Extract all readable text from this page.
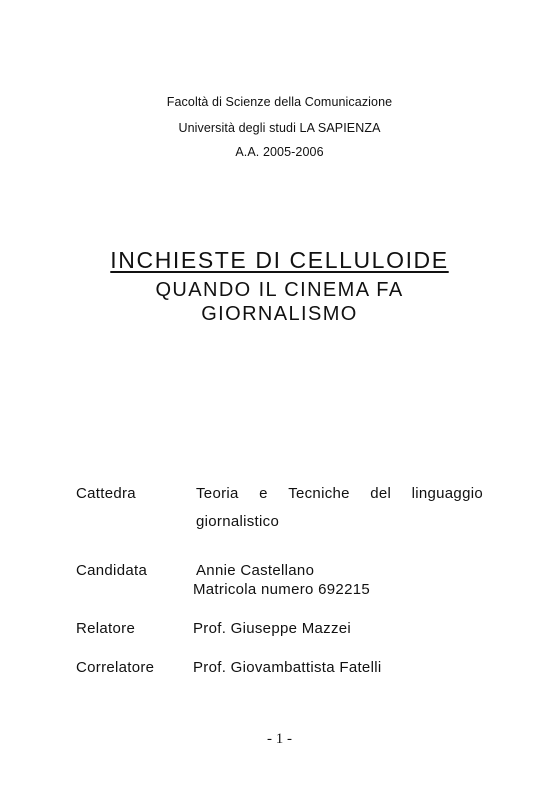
Facoltà di Scienze della Comunicazione
Università degli studi LA SAPIENZA
A.A. 2005-2006
INCHIESTE DI CELLULOIDE
QUANDO IL CINEMA FA
GIORNALISMO
Cattedra	Teoria e Tecniche del linguaggio
giornalistico
Candidata	Annie Castellano
Matricola numero 692215
Relatore	Prof. Giuseppe Mazzei
Correlatore	Prof. Giovambattista Fatelli
- 1 -
